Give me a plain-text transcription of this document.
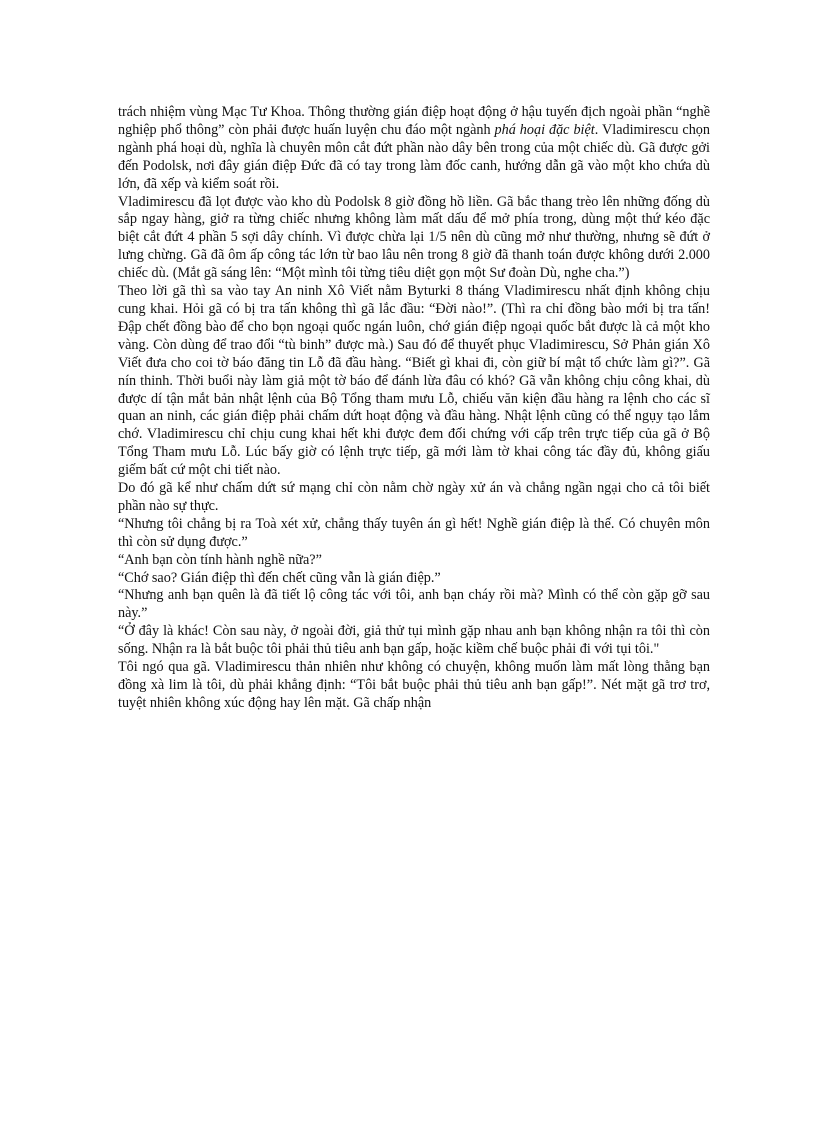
trách nhiệm vùng Mạc Tư Khoa. Thông thường gián điệp hoạt động ở hậu tuyến địch ngoài phần “nghề nghiệp phổ thông” còn phải được huấn luyện chu đáo một ngành phá hoại đặc biệt. Vladimirescu chọn ngành phá hoại dù, nghĩa là chuyên môn cắt đứt phần nào dây bên trong của một chiếc dù. Gã được gởi đến Podolsk, nơi đây gián điệp Đức đã có tay trong làm đốc canh, hướng dẫn gã vào một kho chứa dù lớn, đã xếp và kiểm soát rồi.

Vladimirescu đã lọt được vào kho dù Podolsk 8 giờ đồng hồ liền. Gã bắc thang trèo lên những đống dù sắp ngay hàng, giở ra từng chiếc nhưng không làm mất dấu để mở phía trong, dùng một thứ kéo đặc biệt cắt đứt 4 phần 5 sợi dây chính. Vì được chừa lại 1/5 nên dù cũng mở như thường, nhưng sẽ đứt ở lưng chừng. Gã đã ôm ấp công tác lớn từ bao lâu nên trong 8 giờ đã thanh toán được không dưới 2.000 chiếc dù. (Mắt gã sáng lên: “Một mình tôi từng tiêu diệt gọn một Sư đoàn Dù, nghe cha.”)

Theo lời gã thì sa vào tay An ninh Xô Viết nằm Byturki 8 tháng Vladimirescu nhất định không chịu cung khai. Hỏi gã có bị tra tấn không thì gã lắc đầu: “Đời nào!”. (Thì ra chỉ đồng bào mới bị tra tấn! Đập chết đồng bào để cho bọn ngoại quốc ngán luôn, chớ gián điệp ngoại quốc bắt được là cả một kho vàng. Còn dùng để trao đổi “tù binh” được mà.) Sau đó để thuyết phục Vladimirescu, Sở Phản gián Xô Viết đưa cho coi tờ báo đăng tin Lỗ đã đầu hàng. “Biết gì khai đi, còn giữ bí mật tổ chức làm gì?”. Gã nín thinh. Thời buổi này làm giả một tờ báo để đánh lừa đâu có khó? Gã vẫn không chịu công khai, dù được dí tận mắt bản nhật lệnh của Bộ Tổng tham mưu Lỗ, chiếu văn kiện đầu hàng ra lệnh cho các sĩ quan an ninh, các gián điệp phải chấm dứt hoạt động và đầu hàng. Nhật lệnh cũng có thể ngụy tạo lắm chớ. Vladimirescu chỉ chịu cung khai hết khi được đem đối chứng với cấp trên trực tiếp của gã ở Bộ Tổng Tham mưu Lỗ. Lúc bấy giờ có lệnh trực tiếp, gã mới làm tờ khai công tác đầy đủ, không giấu giếm bất cứ một chi tiết nào.

Do đó gã kể như chấm dứt sứ mạng chỉ còn nằm chờ ngày xử án và chẳng ngần ngại cho cả tôi biết phần nào sự thực.

“Nhưng tôi chẳng bị ra Toà xét xử, chẳng thấy tuyên án gì hết! Nghề gián điệp là thế. Có chuyên môn thì còn sử dụng được.”

“Anh bạn còn tính hành nghề nữa?”

“Chớ sao? Gián điệp thì đến chết cũng vẫn là gián điệp.”

“Nhưng anh bạn quên là đã tiết lộ công tác với tôi, anh bạn cháy rồi mà? Mình có thể còn gặp gỡ sau này.”

“Ở đây là khác! Còn sau này, ở ngoài đời, giả thử tụi mình gặp nhau anh bạn không nhận ra tôi thì còn sống. Nhận ra là bắt buộc tôi phải thủ tiêu anh bạn gấp, hoặc kiềm chế buộc phải đi với tụi tôi."

Tôi ngó qua gã. Vladimirescu thản nhiên như không có chuyện, không muốn làm mất lòng thằng bạn đồng xà lim là tôi, dù phải khẳng định: “Tôi bắt buộc phải thủ tiêu anh bạn gấp!”. Nét mặt gã trơ trơ, tuyệt nhiên không xúc động hay lên mặt. Gã chấp nhận
